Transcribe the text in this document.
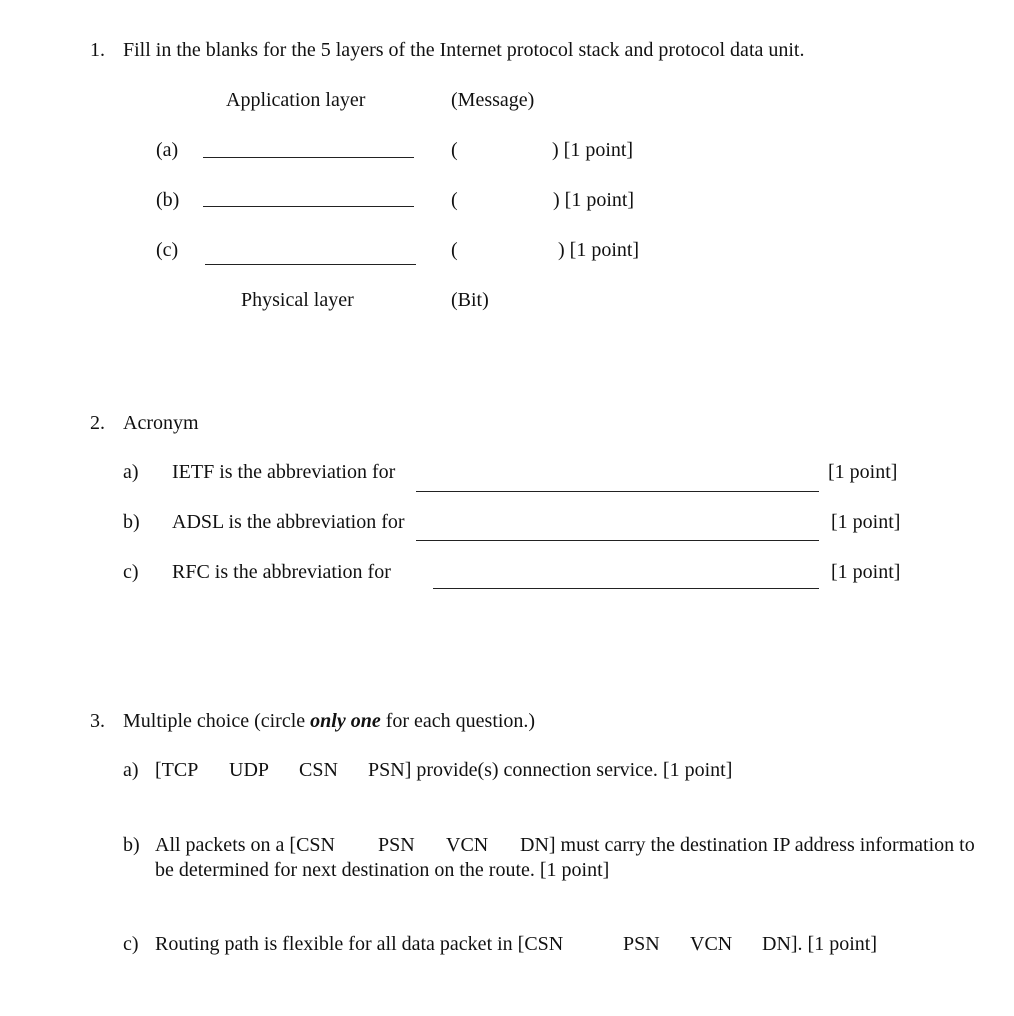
1. Fill in the blanks for the 5 layers of the Internet protocol stack and protocol data unit.
Application layer	(Message)
(a)	(	) [1 point]
(b)	(	) [1 point]
(c)	(	) [1 point]
Physical layer	(Bit)
2. Acronym
a) IETF is the abbreviation for	[1 point]
b) ADSL is the abbreviation for	[1 point]
c) RFC is the abbreviation for	[1 point]
3. Multiple choice (circle only one for each question.)
a) [TCP UDP CSN PSN] provide(s) connection service. [1 point]
b) All packets on a [CSN PSN VCN DN] must carry the destination IP address information to
be determined for next destination on the route. [1 point]
c) Routing path is flexible for all data packet in [CSN	PSN VCN DN]. [1 point]
